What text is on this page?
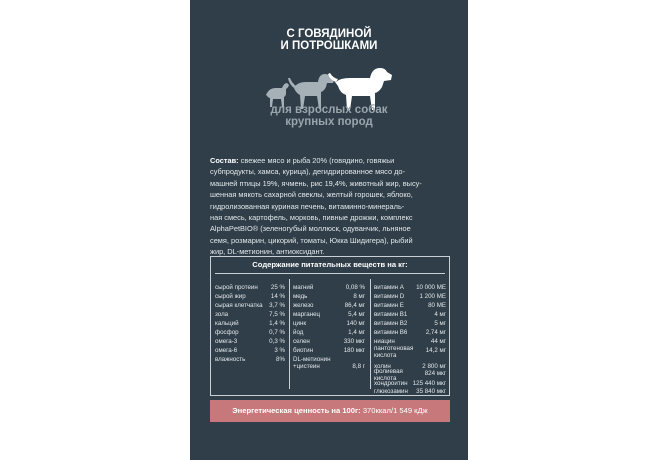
С ГОВЯДИНОЙ
И ПОТРОШКАМИ
для взрослых собак
крупных пород
Состав: свежее мясо и рыба 20% (говядино, говяжьи
субпродукты, хамса, курица), дегидрированное мясо до-
машней птицы 19%, ячмень, рис 19,4%, животный жир, высу-
шенная мякоть сахарной свеклы, желтый горошек, яблоко,
гидролизованная куриная печень, витаминно-минераль-
ная смесь, картофель, морковь, пивные дрожжи, комплекс
AlphaPetBIO® (зеленогубый моллюск, одуванчик, льняное
семя, розмарин, цикорий, томаты, Юкка Шидигера), рыбий
жир, DL-метионин, антиоксидант.
Содержание питательных веществ на кг:
сырой протеин 25 %
сырой жир	14 %
сырая клетчатка 3,7 %
зола	7,5 %
кальций	1,4 %
фосфор	0,7 %
омега-3	0,3 %
омега-6	3 %
влажность	8%
магний	0,08 %
медь	8 мг
железо	86,4 мг
марганец	5,4 мг
цинк	140 мг
йод	1,4 мг
селен	330 мкг
биотин	180 мкг
DL-метионин
+цистеин	8,8 г
витамин А 10 000 МЕ
витамин D 1 200 МЕ
витамин Е	80 МЕ
витамин В1	4 мг
витамин В2	5 мг
витамин В6	2,74 мг
ниацин	44 мг
пантотеновая кислота
14,2 мг
холин	2 800 мг
фолиевая кислота
824 мкг
хондроитин 125 440 мкг
глюкозамин 35 840 мкг
Энергетическая ценность на 100г: 370ккал/1 549 кДж
